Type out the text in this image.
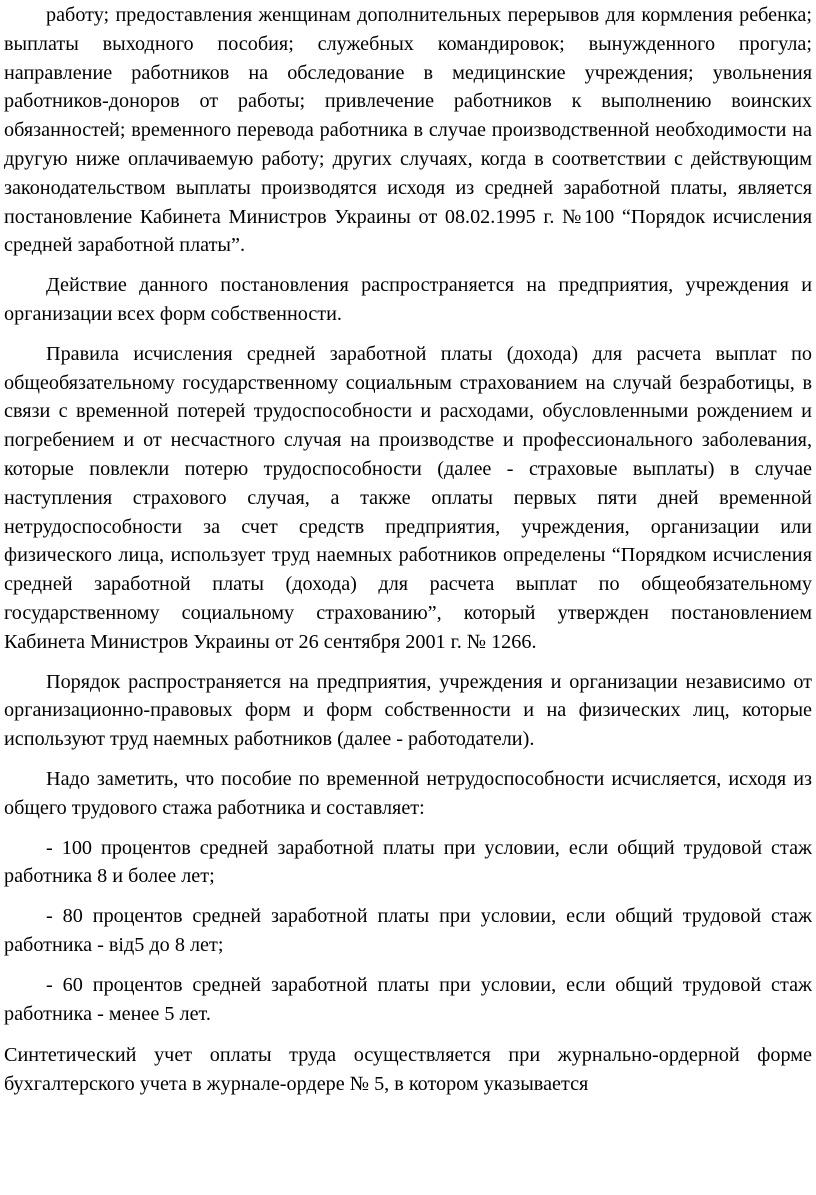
работу; предоставления женщинам дополнительных перерывов для кормления ребенка; выплаты выходного пособия; служебных командировок; вынужденного прогула; направление работников на обследование в медицинские учреждения; увольнения работников-доноров от работы; привлечение работников к выполнению воинских обязанностей; временного перевода работника в случае производственной необходимости на другую ниже оплачиваемую работу; других случаях, когда в соответствии с действующим законодательством выплаты производятся исходя из средней заработной платы, является постановление Кабинета Министров Украины от 08.02.1995 г. №100 “Порядок исчисления средней заработной платы”.

Действие данного постановления распространяется на предприятия, учреждения и организации всех форм собственности.

Правила исчисления средней заработной платы (дохода) для расчета выплат по общеобязательному государственному социальным страхованием на случай безработицы, в связи с временной потерей трудоспособности и расходами, обусловленными рождением и погребением и от несчастного случая на производстве и профессионального заболевания, которые повлекли потерю трудоспособности (далее - страховые выплаты) в случае наступления страхового случая, а также оплаты первых пяти дней временной нетрудоспособности за счет средств предприятия, учреждения, организации или физического лица, использует труд наемных работников определены “Порядком исчисления средней заработной платы (дохода) для расчета выплат по общеобязательному государственному социальному страхованию”, который утвержден постановлением Кабинета Министров Украины от 26 сентября 2001 г. № 1266.

Порядок распространяется на предприятия, учреждения и организации независимо от организационно-правовых форм и форм собственности и на физических лиц, которые используют труд наемных работников (далее - работодатели).

Надо заметить, что пособие по временной нетрудоспособности исчисляется, исходя из общего трудового стажа работника и составляет:

- 100 процентов средней заработной платы при условии, если общий трудовой стаж работника 8 и более лет;

- 80 процентов средней заработной платы при условии, если общий трудовой стаж работника - від5 до 8 лет;

- 60 процентов средней заработной платы при условии, если общий трудовой стаж работника - менее 5 лет.

Синтетический учет оплаты труда осуществляется при журнально-ордерной форме бухгалтерского учета в журнале-ордере № 5, в котором указывается
